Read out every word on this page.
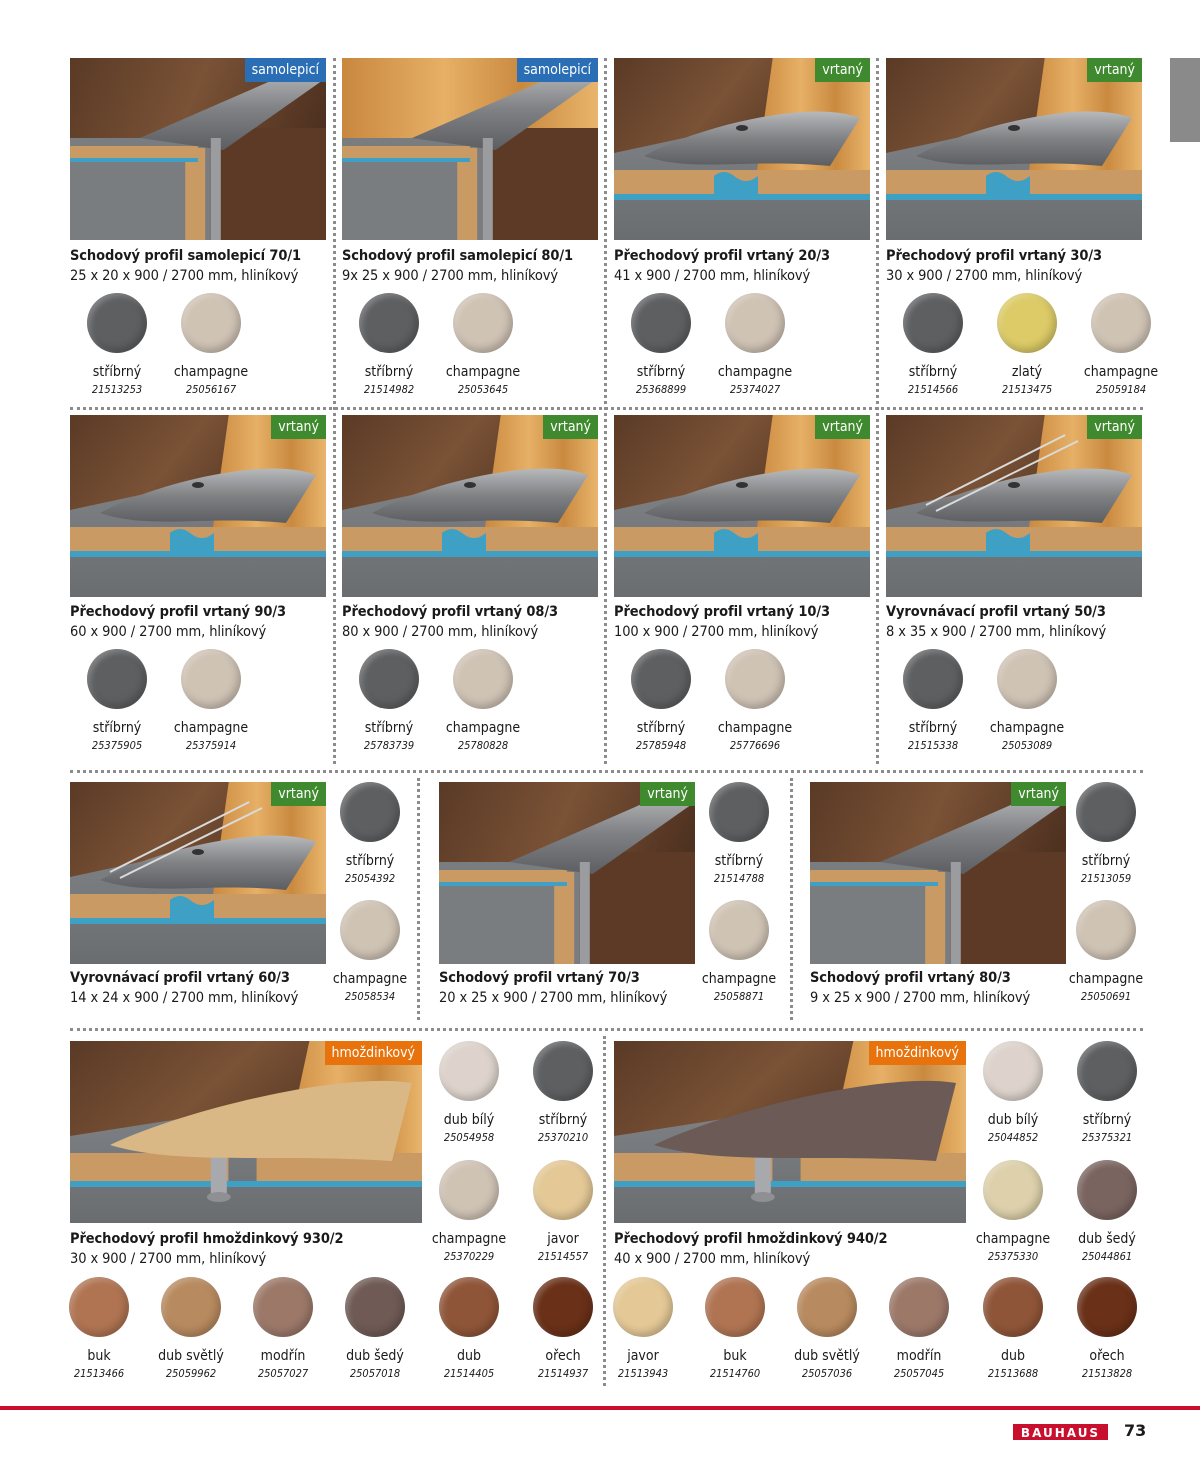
samolepicí
Schodový profil samolepicí 70/1
25 x 20 x 900 / 2700 mm, hliníkový
stříbrný
21513253
champagne
25056167
samolepicí
Schodový profil samolepicí 80/1
9x 25 x 900 / 2700 mm, hliníkový
stříbrný
21514982
champagne
25053645
vrtaný
Přechodový profil vrtaný 20/3
41 x 900 / 2700 mm, hliníkový
stříbrný
25368899
champagne
25374027
vrtaný
Přechodový profil vrtaný 30/3
30 x 900 / 2700 mm, hliníkový
stříbrný
21514566
zlatý
21513475
champagne
25059184
vrtaný
Přechodový profil vrtaný 90/3
60 x 900 / 2700 mm, hliníkový
stříbrný
25375905
champagne
25375914
vrtaný
Přechodový profil vrtaný 08/3
80 x 900 / 2700 mm, hliníkový
stříbrný
25783739
champagne
25780828
vrtaný
Přechodový profil vrtaný 10/3
100 x 900 / 2700 mm, hliníkový
stříbrný
25785948
champagne
25776696
vrtaný
Vyrovnávací profil vrtaný 50/3
8 x 35 x 900 / 2700 mm, hliníkový
stříbrný
21515338
champagne
25053089
vrtaný
Vyrovnávací profil vrtaný 60/3
14 x 24 x 900 / 2700 mm, hliníkový
stříbrný
25054392
champagne
25058534
vrtaný
Schodový profil vrtaný 70/3
20 x 25 x 900 / 2700 mm, hliníkový
stříbrný
21514788
champagne
25058871
vrtaný
Schodový profil vrtaný 80/3
9 x 25 x 900 / 2700 mm, hliníkový
stříbrný
21513059
champagne
25050691
hmoždinkový
Přechodový profil hmoždinkový 930/2
30 x 900 / 2700 mm, hliníkový
dub bílý
25054958
stříbrný
25370210
champagne
25370229
javor
21514557
buk
21513466
dub světlý
25059962
modřín
25057027
dub šedý
25057018
dub
21514405
ořech
21514937
hmoždinkový
Přechodový profil hmoždinkový 940/2
40 x 900 / 2700 mm, hliníkový
dub bílý
25044852
stříbrný
25375321
champagne
25375330
dub šedý
25044861
javor
21513943
buk
21514760
dub světlý
25057036
modřín
25057045
dub
21513688
ořech
21513828
BAUHAUS	73
